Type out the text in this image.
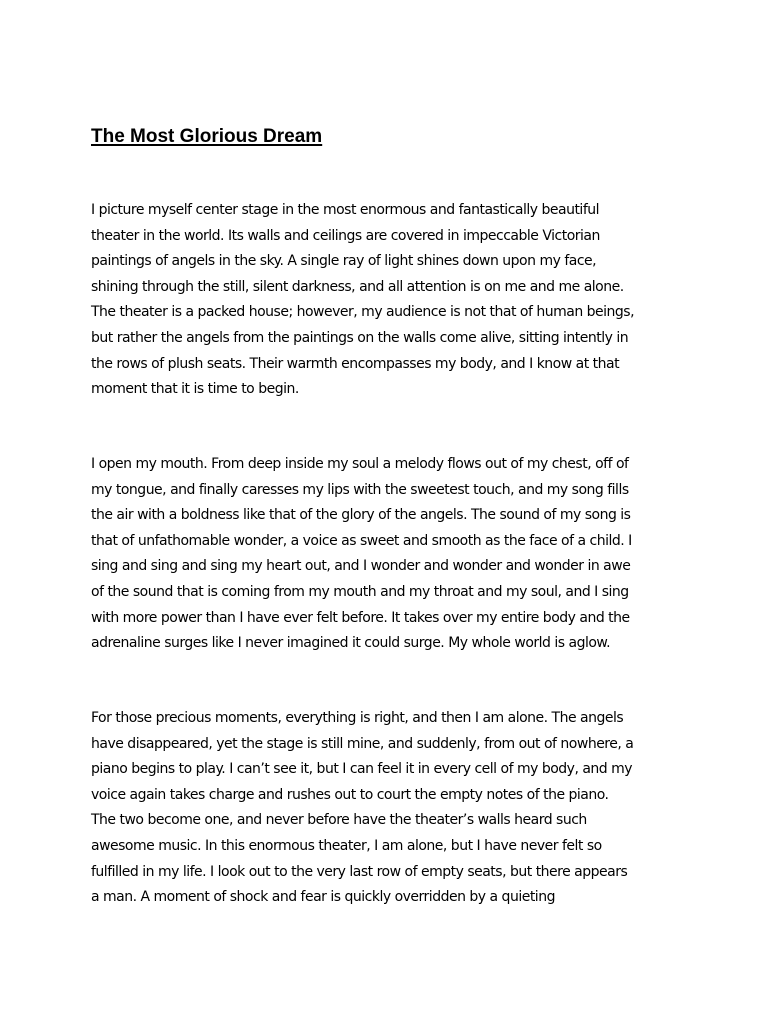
The Most Glorious Dream
I picture myself center stage in the most enormous and fantastically beautiful
theater in the world. Its walls and ceilings are covered in impeccable Victorian
paintings of angels in the sky. A single ray of light shines down upon my face,
shining through the still, silent darkness, and all attention is on me and me alone.
The theater is a packed house; however, my audience is not that of human beings,
but rather the angels from the paintings on the walls come alive, sitting intently in
the rows of plush seats. Their warmth encompasses my body, and I know at that
moment that it is time to begin.
I open my mouth. From deep inside my soul a melody flows out of my chest, off of
my tongue, and finally caresses my lips with the sweetest touch, and my song fills
the air with a boldness like that of the glory of the angels. The sound of my song is
that of unfathomable wonder, a voice as sweet and smooth as the face of a child. I
sing and sing and sing my heart out, and I wonder and wonder and wonder in awe
of the sound that is coming from my mouth and my throat and my soul, and I sing
with more power than I have ever felt before. It takes over my entire body and the
adrenaline surges like I never imagined it could surge. My whole world is aglow.
For those precious moments, everything is right, and then I am alone. The angels
have disappeared, yet the stage is still mine, and suddenly, from out of nowhere, a
piano begins to play. I can’t see it, but I can feel it in every cell of my body, and my
voice again takes charge and rushes out to court the empty notes of the piano.
The two become one, and never before have the theater’s walls heard such
awesome music. In this enormous theater, I am alone, but I have never felt so
fulfilled in my life. I look out to the very last row of empty seats, but there appears
a man. A moment of shock and fear is quickly overridden by a quieting
